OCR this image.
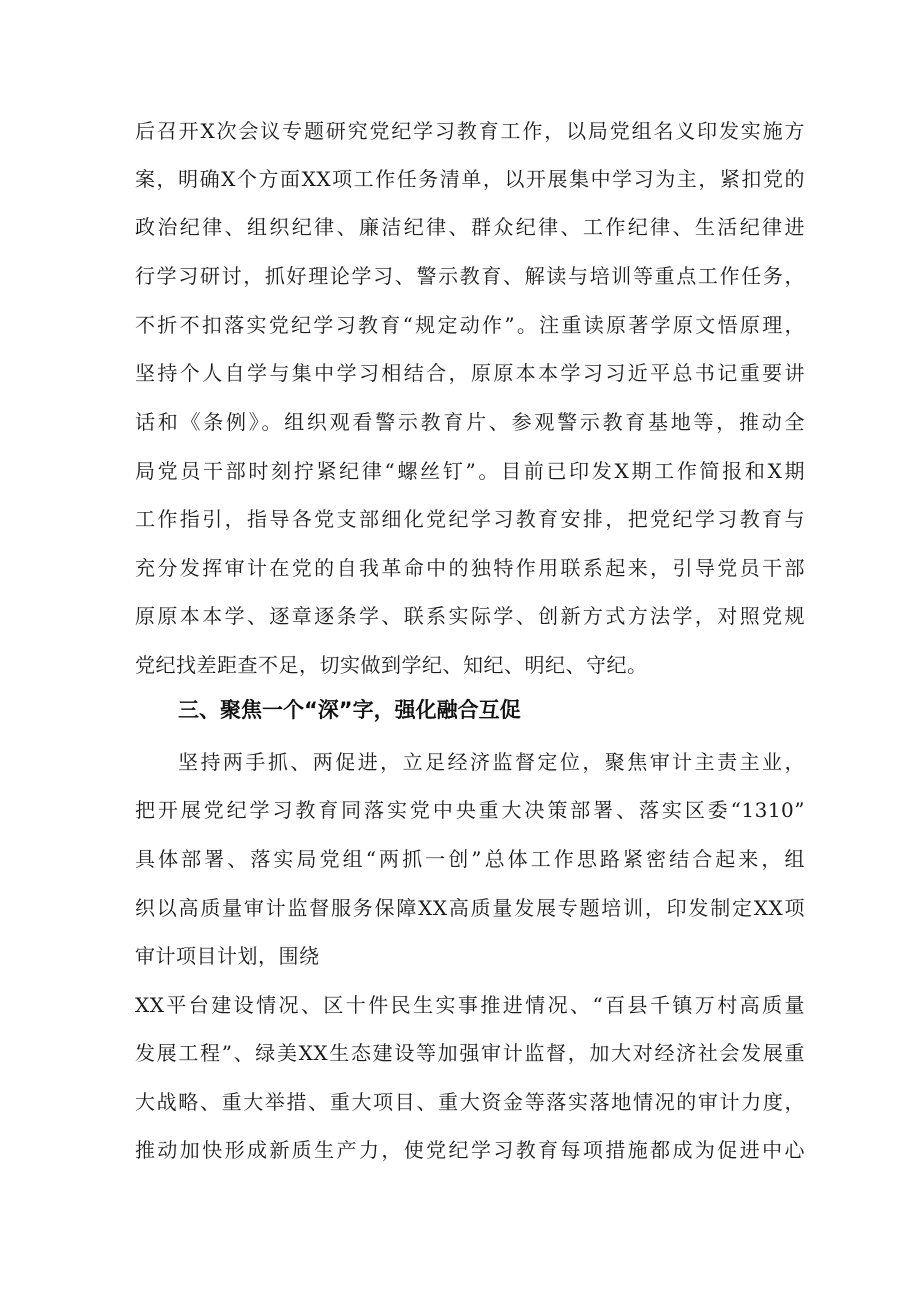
后召开X次会议专题研究党纪学习教育工作，以局党组名义印发实施方

案，明确X个方面XX项工作任务清单，以开展集中学习为主，紧扣党的

政治纪律、组织纪律、廉洁纪律、群众纪律、工作纪律、生活纪律进

行学习研讨，抓好理论学习、警示教育、解读与培训等重点工作任务，

不折不扣落实党纪学习教育“规定动作”。注重读原著学原文悟原理，

坚持个人自学与集中学习相结合，原原本本学习习近平总书记重要讲

话和《条例》。组织观看警示教育片、参观警示教育基地等，推动全

局党员干部时刻拧紧纪律“螺丝钉”。目前已印发X期工作简报和X期

工作指引，指导各党支部细化党纪学习教育安排，把党纪学习教育与

充分发挥审计在党的自我革命中的独特作用联系起来，引导党员干部

原原本本学、逐章逐条学、联系实际学、创新方式方法学，对照党规

党纪找差距查不足，切实做到学纪、知纪、明纪、守纪。

三、聚焦一个“深”字，强化融合互促

坚持两手抓、两促进，立足经济监督定位，聚焦审计主责主业，

把开展党纪学习教育同落实党中央重大决策部署、落实区委“1310”

具体部署、落实局党组“两抓一创”总体工作思路紧密结合起来，组

织以高质量审计监督服务保障XX高质量发展专题培训，印发制定XX项

审计项目计划，围绕

XX平台建设情况、区十件民生实事推进情况、“百县千镇万村高质量

发展工程”、绿美XX生态建设等加强审计监督，加大对经济社会发展重

大战略、重大举措、重大项目、重大资金等落实落地情况的审计力度，

推动加快形成新质生产力，使党纪学习教育每项措施都成为促进中心
